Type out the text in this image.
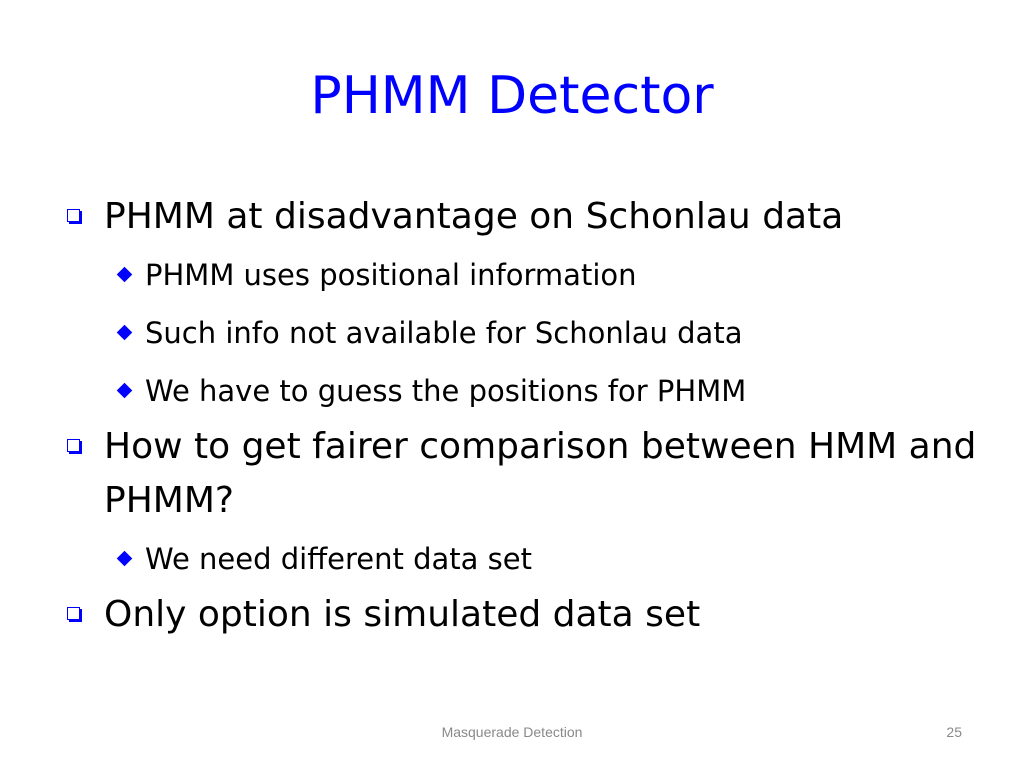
PHMM Detector
PHMM at disadvantage on Schonlau data
PHMM uses positional information
Such info not available for Schonlau data
We have to guess the positions for PHMM
How to get fairer comparison between HMM and PHMM?
We need different data set
Only option is simulated data set
Masquerade Detection	25
